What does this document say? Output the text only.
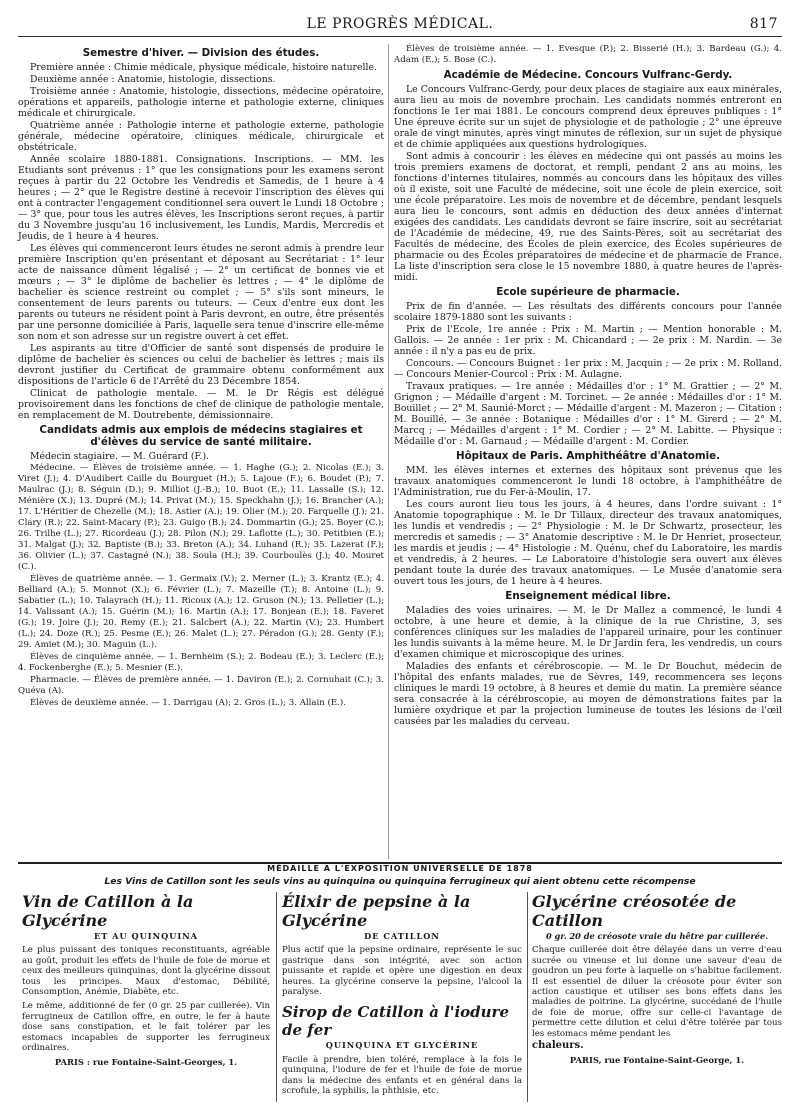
LE PROGRÈS MÉDICAL.	817

Semestre d'hiver. — Division des études.

Première année : Chimie médicale, physique médicale, histoire naturelle.

Deuxième année : Anatomie, histologie, dissections.

Troisième année : Anatomie, histologie, dissections, médecine opératoire, opérations et appareils, pathologie interne et pathologie externe, cliniques médicale et chirurgicale.

Quatrième année : Pathologie interne et pathologie externe, pathologie générale, médecine opératoire, cliniques médicale, chirurgicale et obstétricale.

Année scolaire 1880-1881. Consignations. Inscriptions. — MM. les Etudiants sont prévenus : 1° que les consignations pour les examens seront reçues à partir du 22 Octobre les Vendredis et Samedis, de 1 heure à 4 heures ; — 2° que le Registre destiné à recevoir l'inscription des élèves qui ont à contracter l'engagement conditionnel sera ouvert le Lundi 18 Octobre ; — 3° que, pour tous les autres élèves, les Inscriptions seront reçues, à partir du 3 Novembre jusqu'au 16 inclusivement, les Lundis, Mardis, Mercredis et Jeudis, de 1 heure à 4 heures.

Les élèves qui commenceront leurs études ne seront admis à prendre leur première Inscription qu'en présentant et déposant au Secrétariat : 1° leur acte de naissance dûment légalisé ; — 2° un certificat de bonnes vie et mœurs ; — 3° le diplôme de bachelier ès lettres ; — 4° le diplôme de bachelier ès science restreint ou complet ; — 5° s'ils sont mineurs, le consentement de leurs parents ou tuteurs. — Ceux d'entre eux dont les parents ou tuteurs ne résident point à Paris devront, en outre, être présentés par une personne domiciliée à Paris, laquelle sera tenue d'inscrire elle-même son nom et son adresse sur un registre ouvert à cet effet.

Les aspirants au titre d'Officier de santé sont dispensés de produire le diplôme de bachelier ès sciences ou celui de bachelier ès lettres ; mais ils devront justifier du Certificat de grammaire obtenu conformément aux dispositions de l'article 6 de l'Arrêté du 23 Décembre 1854.

Clinicat de pathologie mentale. — M. le Dr Régis est délégué provisoirement dans les fonctions de chef de clinique de pathologie mentale, en remplacement de M. Doutrebente, démissionnaire.

Candidats admis aux emplois de médecins stagiaires et d'élèves du service de santé militaire.

Médecin stagiaire. — M. Guérard (F.).

Médecine. — Élèves de troisième année. — 1. Haghe (G.); 2. Nicolas (E.); 3. Viret (J.); 4. D'Audibert Caille du Bourguet (H.); 5. Lajoue (F.); 6. Boudet (P.); 7. Maulrac (J.); 8. Séguin (D.); 9. Milliot (J.-B.); 10. Buot (E.); 11. Lassalle (S.); 12. Ménière (X.); 13. Dupré (M.); 14. Privat (M.); 15. Speckhahn (J.); 16. Brancher (A.); 17. L'Héritier de Chezelle (M.); 18. Astier (A.); 19. Olier (M.); 20. Farquelle (J.); 21. Clary (R.); 22. Saint-Macary (P.); 23. Guigo (B.); 24. Dommartin (G.); 25. Boyer (C.); 26. Trilhe (L.); 27. Ricordeau (J.); 28. Pilon (N.); 29. Laflotte (L.); 30. Petitbien (E.); 31. Malgat (J.); 32. Baptiste (B.); 33. Breton (A.); 34. Luhand (R.); 35. Lazerat (F.); 36. Olivier (L.); 37. Castagné (N.); 38. Soula (H.); 39. Courboulès (J.); 40. Mouret (C.).

Élèves de quatrième année. — 1. Germaix (V.); 2. Merner (L.); 3. Krantz (E.); 4. Belliard (A.); 5. Monnot (X.); 6. Février (L.); 7. Mazeille (T.); 8. Antoine (L.); 9. Sabatier (L.); 10. Talayrach (H.); 11. Ricoux (A.); 12. Gruson (N.); 13. Pelletier (L.); 14. Valissant (A.); 15. Guérin (M.); 16. Martin (A.); 17. Bonjean (E.); 18. Faveret (G.); 19. Joire (J.); 20. Remy (E.); 21. Salcbert (A.); 22. Martin (V.); 23. Humbert (L.); 24. Doze (R.); 25. Pesme (E.); 26. Malet (L.); 27. Péradon (G.); 28. Genty (F.); 29. Amiet (M.); 30. Maguin (L.).

Élèves de cinquième année. — 1. Bernheim (S.); 2. Bodeau (E.); 3. Leclerc (E.); 4. Fockenberghe (E.); 5. Mesnier (E.).

Pharmacie. — Élèves de première année. — 1. Daviron (E.); 2. Cornuhait (C.); 3. Quéva (A).

Élèves de deuxième année. — 1. Darrigau (A); 2. Gros (L.); 3. Allain (E.).

Élèves de troisième année. — 1. Evesque (P.); 2. Bisserié (H.); 3. Bardeau (G.); 4. Adam (E.); 5. Bose (C.).

Académie de Médecine. Concours Vulfranc-Gerdy.

Le Concours Vulfranc-Gerdy, pour deux places de stagiaire aux eaux minérales, aura lieu au mois de novembre prochain. Les candidats nommés entreront en fonctions le 1er mai 1881. Le concours comprend deux épreuves publiques : 1° Une épreuve écrite sur un sujet de physiologie et de pathologie ; 2° une épreuve orale de vingt minutes, après vingt minutes de réflexion, sur un sujet de physique et de chimie appliquées aux questions hydrologiques.

Sont admis à concourir : les élèves en médecine qui ont passés au moins les trois premiers examens de doctorat, et rempli, pendant 2 ans au moins, les fonctions d'internes titulaires, nommés au concours dans les hôpitaux des villes où il existe, soit une Faculté de médecine, soit une école de plein exercice, soit une école préparatoire. Les mois de novembre et de décembre, pendant lesquels aura lieu le concours, sont admis en déduction des deux années d'internat exigées des candidats. Les candidats devront se faire inscrire, soit au secrétariat de l'Académie de médecine, 49, rue des Saints-Pères, soit au secrétariat des Facultés de médecine, des Écoles de plein exercice, des Écoles supérieures de pharmacie ou des Écoles préparatoires de médecine et de pharmacie de France. La liste d'inscription sera close le 15 novembre 1880, à quatre heures de l'après-midi.

Ecole supérieure de pharmacie.

Prix de fin d'année. — Les résultats des différents concours pour l'année scolaire 1879-1880 sont les suivants :

Prix de l'Ecole, 1re année : Prix : M. Martin ; — Mention honorable : M. Gallois. — 2e année : 1er prix : M. Chicandard ; — 2e prix : M. Nardin. — 3e année : il n'y a pas eu de prix.

Concours. — Concours Buignet : 1er prix : M. Jacquin ; — 2e prix : M. Rolland. — Concours Menier-Courcol : Prix : M. Aulagne.

Travaux pratiques. — 1re année : Médailles d'or : 1° M. Grattier ; — 2° M. Grignon ; — Médaille d'argent : M. Torcinet. — 2e année : Médailles d'or : 1° M. Bouillet ; — 2° M. Saunié-Morct ; — Médaille d'argent : M. Mazeron ; — Citation : M. Bouillé. — 3e année : Botanique : Médailles d'or : 1° M. Girerd ; — 2° M. Marcq ; — Médailles d'argent : 1° M. Cordier ; — 2° M. Labitte. — Physique : Médaille d'or : M. Garnaud ; — Médaille d'argent : M. Cordier.

Hôpitaux de Paris. Amphithéâtre d'Anatomie.

MM. les élèves internes et externes des hôpitaux sont prévenus que les travaux anatomiques commenceront le lundi 18 octobre, à l'amphithéâtre de l'Administration, rue du Fer-à-Moulin, 17.

Les cours auront lieu tous les jours, à 4 heures, dans l'ordre suivant : 1° Anatomie topographique : M. le Dr Tillaux, directeur des travaux anatomiques, les lundis et vendredis ; — 2° Physiologie : M. le Dr Schwartz, prosecteur, les mercredis et samedis ; — 3° Anatomie descriptive : M. le Dr Henriet, prosecteur, les mardis et jeudis ; — 4° Histologie : M. Quénu, chef du Laboratoire, les mardis et vendredis, à 2 heures. — Le Laboratoire d'histologie sera ouvert aux élèves pendant toute la durée des travaux anatomiques. — Le Musée d'anatomie sera ouvert tous les jours, de 1 heure à 4 heures.

Enseignement médical libre.

Maladies des voies urinaires. — M. le Dr Mallez a commencé, le lundi 4 octobre, à une heure et demie, à la clinique de la rue Christine, 3, ses conférences cliniques sur les maladies de l'appareil urinaire, pour les continuer les lundis suivants à la même heure. M. le Dr Jardin fera, les vendredis, un cours d'examen chimique et microscopique des urines.

Maladies des enfants et cérébroscopie. — M. le Dr Bouchut, médecin de l'hôpital des enfants malades, rue de Sèvres, 149, recommencera ses leçons cliniques le mardi 19 octobre, à 8 heures et demie du matin. La première séance sera consacrée à la cérébroscopie, au moyen de démonstrations faites par la lumière oxydrique et par la projection lumineuse de toutes les lésions de l'œil causées par les maladies du cerveau.

MÉDAILLE A L'EXPOSITION UNIVERSELLE DE 1878
Les Vins de Catillon sont les seuls vins au quinquina ou quinquina ferrugineux qui aient obtenu cette récompense
Vin de Catillon à la Glycérine
ET AU QUINQUINA
Le plus puissant des toniques reconstituants, agréable au goût, produit les effets de l'huile de foie de morue et ceux des meilleurs quinquinas, dont la glycérine dissout tous les principes. Maux d'estomac, Débilité, Consomption, Anémie, Diabète, etc.
Le même, additionné de fer (0 gr. 25 par cuillerée). Vin ferrugineux de Catillon offre, en outre, le fer à haute dose sans constipation, et le fait tolérer par les estomacs incapables de supporter les ferrugineux ordinaires.
PARIS : rue Fontaine-Saint-Georges, 1.
Élixir de pepsine à la Glycérine
DE CATILLON
Plus actif que la pepsine ordinaire, représente le suc gastrique dans son intégrité, avec son action puissante et rapide et opère une digestion en deux heures. La glycérine conserve la pepsine, l'alcool la paralyse.
Sirop de Catillon à l'iodure de fer
QUINQUINA ET GLYCÉRINE
Facile à prendre, bien toléré, remplace à la fois le quinquina, l'iodure de fer et l'huile de foie de morue dans la médecine des enfants et en général dans la scrofule, la syphilis, la phthisie, etc.
Glycérine créosotée de Catillon
0 gr. 20 de créosote vraie du hêtre par cuillerée.
Chaque cuillerée doit être délayée dans un verre d'eau sucrée ou vineuse et lui donne une saveur d'eau de goudron un peu forte à laquelle on s'habitue facilement. Il est essentiel de diluer la créosote pour éviter son action caustique et utiliser ses bons effets dans les maladies de poitrine. La glycérine, succédané de l'huile de foie de morue, offre sur celle-ci l'avantage de permettre cette dilution et celui d'être tolérée par tous les estomacs même pendant les
chaleurs.
PARIS, rue Fontaine-Saint-George, 1.
